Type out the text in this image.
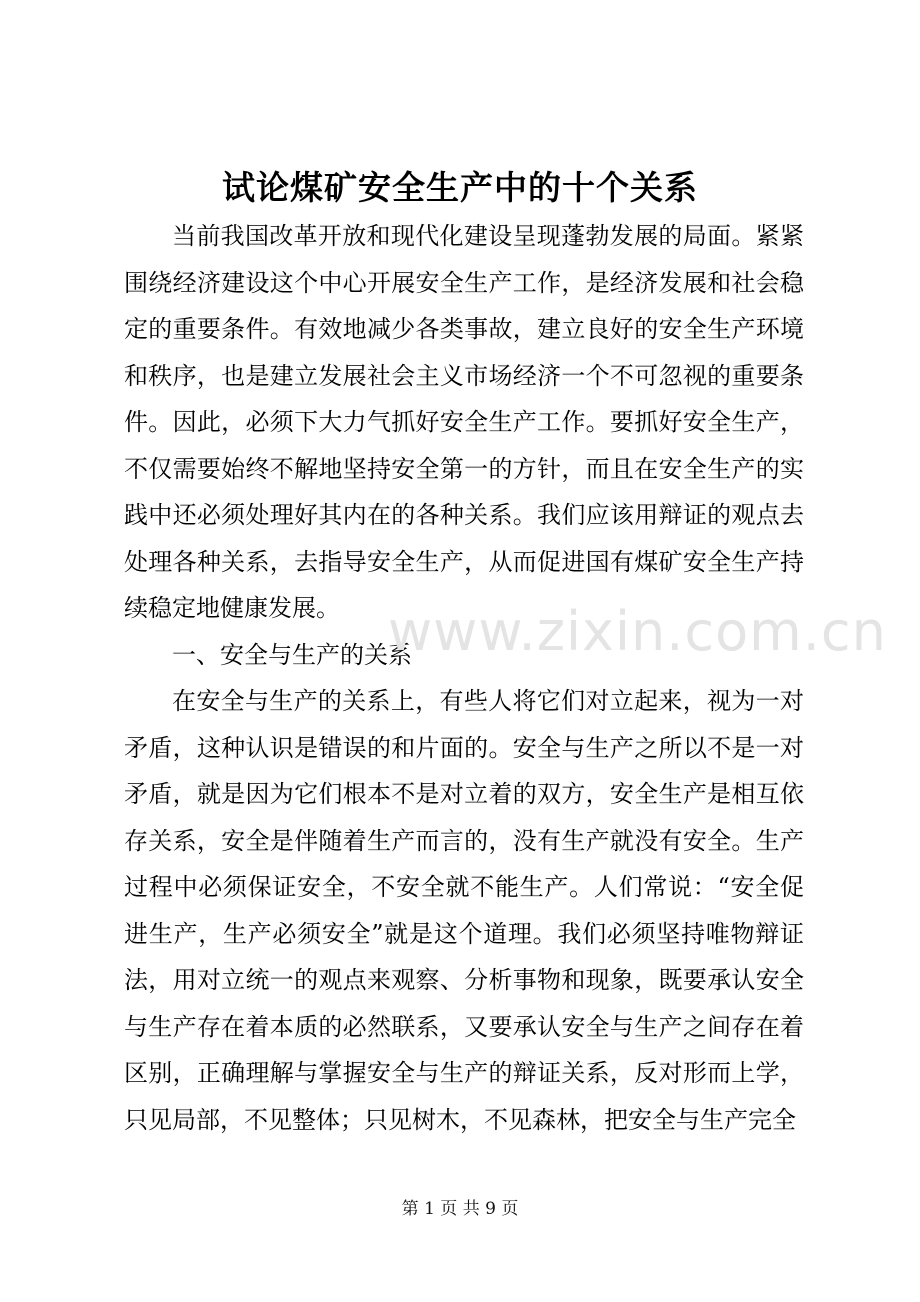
试论煤矿安全生产中的十个关系

当前我国改革开放和现代化建设呈现蓬勃发展的局面。紧紧围绕经济建设这个中心开展安全生产工作，是经济发展和社会稳定的重要条件。有效地减少各类事故，建立良好的安全生产环境和秩序，也是建立发展社会主义市场经济一个不可忽视的重要条件。因此，必须下大力气抓好安全生产工作。要抓好安全生产，不仅需要始终不解地坚持安全第一的方针，而且在安全生产的实践中还必须处理好其内在的各种关系。我们应该用辩证的观点去处理各种关系，去指导安全生产，从而促进国有煤矿安全生产持续稳定地健康发展。

一、安全与生产的关系

在安全与生产的关系上，有些人将它们对立起来，视为一对矛盾，这种认识是错误的和片面的。安全与生产之所以不是一对矛盾，就是因为它们根本不是对立着的双方，安全生产是相互依存关系，安全是伴随着生产而言的，没有生产就没有安全。生产过程中必须保证安全，不安全就不能生产。人们常说：“安全促进生产，生产必须安全”就是这个道理。我们必须坚持唯物辩证法，用对立统一的观点来观察、分析事物和现象，既要承认安全与生产存在着本质的必然联系，又要承认安全与生产之间存在着区别，正确理解与掌握安全与生产的辩证关系，反对形而上学，只见局部，不见整体；只见树木，不见森林，把安全与生产完全

www.zixin.com.cn
第 1 页 共 9 页
